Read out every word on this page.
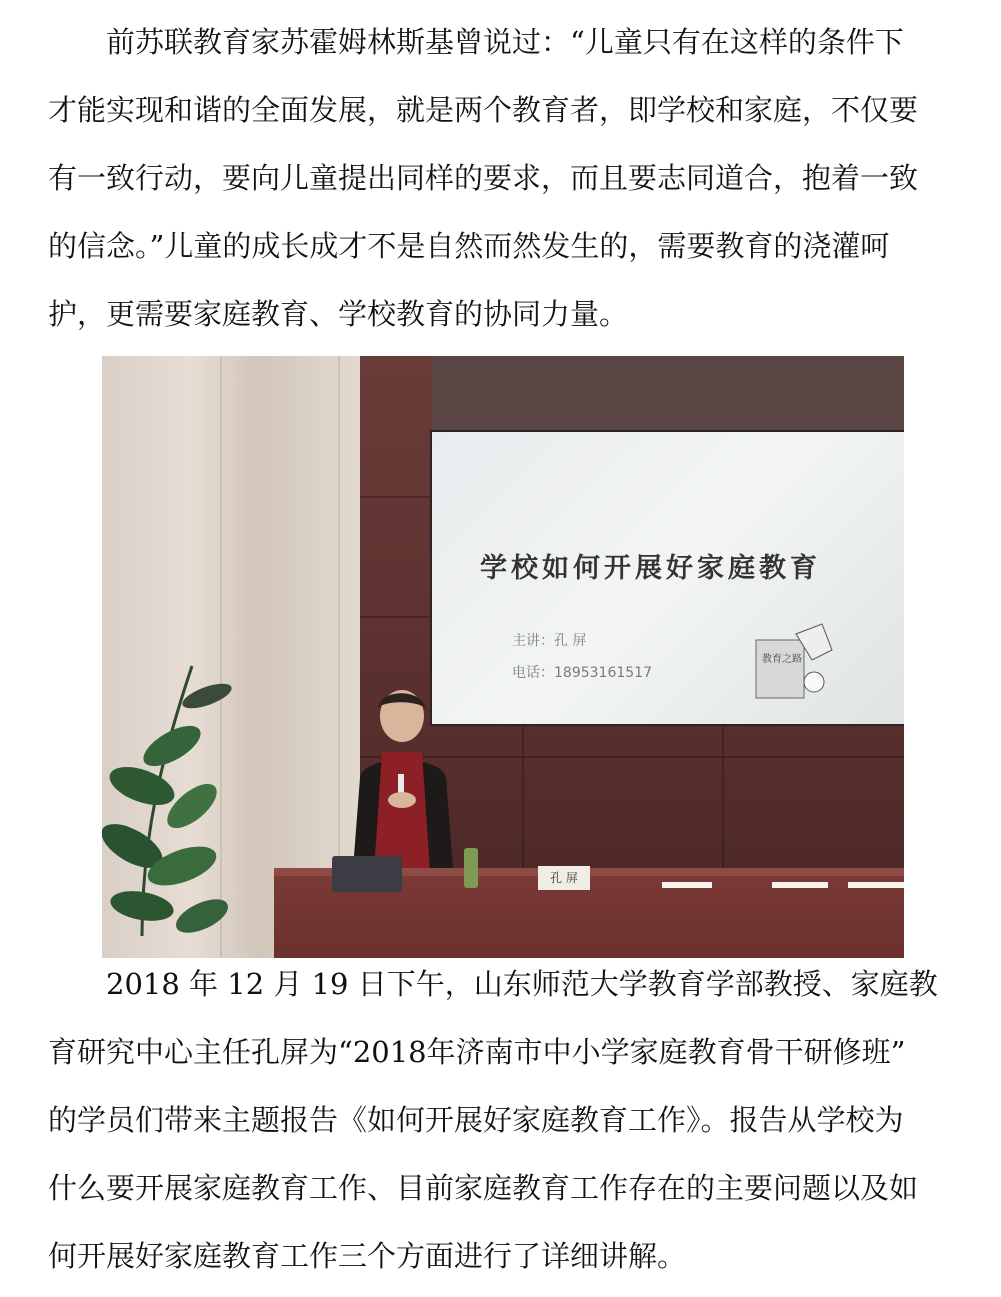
前苏联教育家苏霍姆林斯基曾说过：“儿童只有在这样的条件下
才能实现和谐的全面发展，就是两个教育者，即学校和家庭，不仅要
有一致行动，要向儿童提出同样的要求，而且要志同道合，抱着一致
的信念。”儿童的成长成才不是自然而然发生的，需要教育的浇灌呵
护，更需要家庭教育、学校教育的协同力量。

学校如何开展好家庭教育
主讲：孔 屏
电话：18953161517
教育之路
孔 屏

2018 年 12 月 19 日下午，山东师范大学教育学部教授、家庭教
育研究中心主任孔屏为“2018年济南市中小学家庭教育骨干研修班”
的学员们带来主题报告《如何开展好家庭教育工作》。报告从学校为
什么要开展家庭教育工作、目前家庭教育工作存在的主要问题以及如
何开展好家庭教育工作三个方面进行了详细讲解。
